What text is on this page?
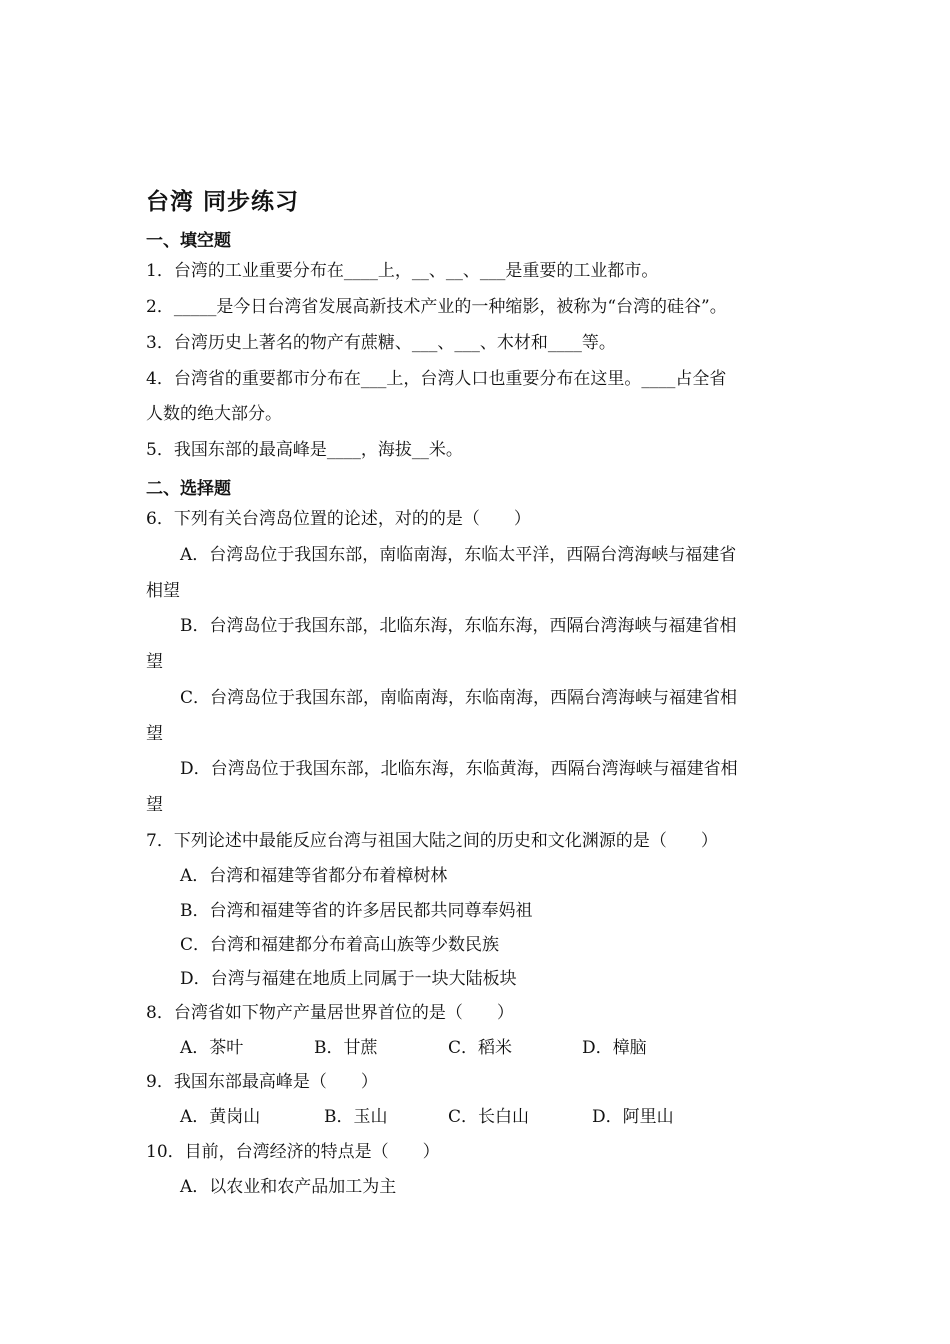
台湾 同步练习
一、填空题
1．台湾的工业重要分布在____上，__、__、___是重要的工业都市。
2．_____是今日台湾省发展高新技术产业的一种缩影，被称为“台湾的硅谷”。
3．台湾历史上著名的物产有蔗糖、___、___、木材和____等。
4．台湾省的重要都市分布在___上，台湾人口也重要分布在这里。____占全省
人数的绝大部分。
5．我国东部的最高峰是____，海拔__米。
二、选择题
6．下列有关台湾岛位置的论述，对的的是（　　）
A．台湾岛位于我国东部，南临南海，东临太平洋，西隔台湾海峡与福建省
相望
B．台湾岛位于我国东部，北临东海，东临东海，西隔台湾海峡与福建省相
望
C．台湾岛位于我国东部，南临南海，东临南海，西隔台湾海峡与福建省相
望
D．台湾岛位于我国东部，北临东海，东临黄海，西隔台湾海峡与福建省相
望
7．下列论述中最能反应台湾与祖国大陆之间的历史和文化渊源的是（　　）
A．台湾和福建等省都分布着樟树林
B．台湾和福建等省的许多居民都共同尊奉妈祖
C．台湾和福建都分布着高山族等少数民族
D．台湾与福建在地质上同属于一块大陆板块
8．台湾省如下物产产量居世界首位的是（　　）
A．茶叶	B．甘蔗	C．稻米	D．樟脑
9．我国东部最高峰是（　　）
A．黄岗山	B．玉山	C．长白山	D．阿里山
10．目前，台湾经济的特点是（　　）
A．以农业和农产品加工为主
